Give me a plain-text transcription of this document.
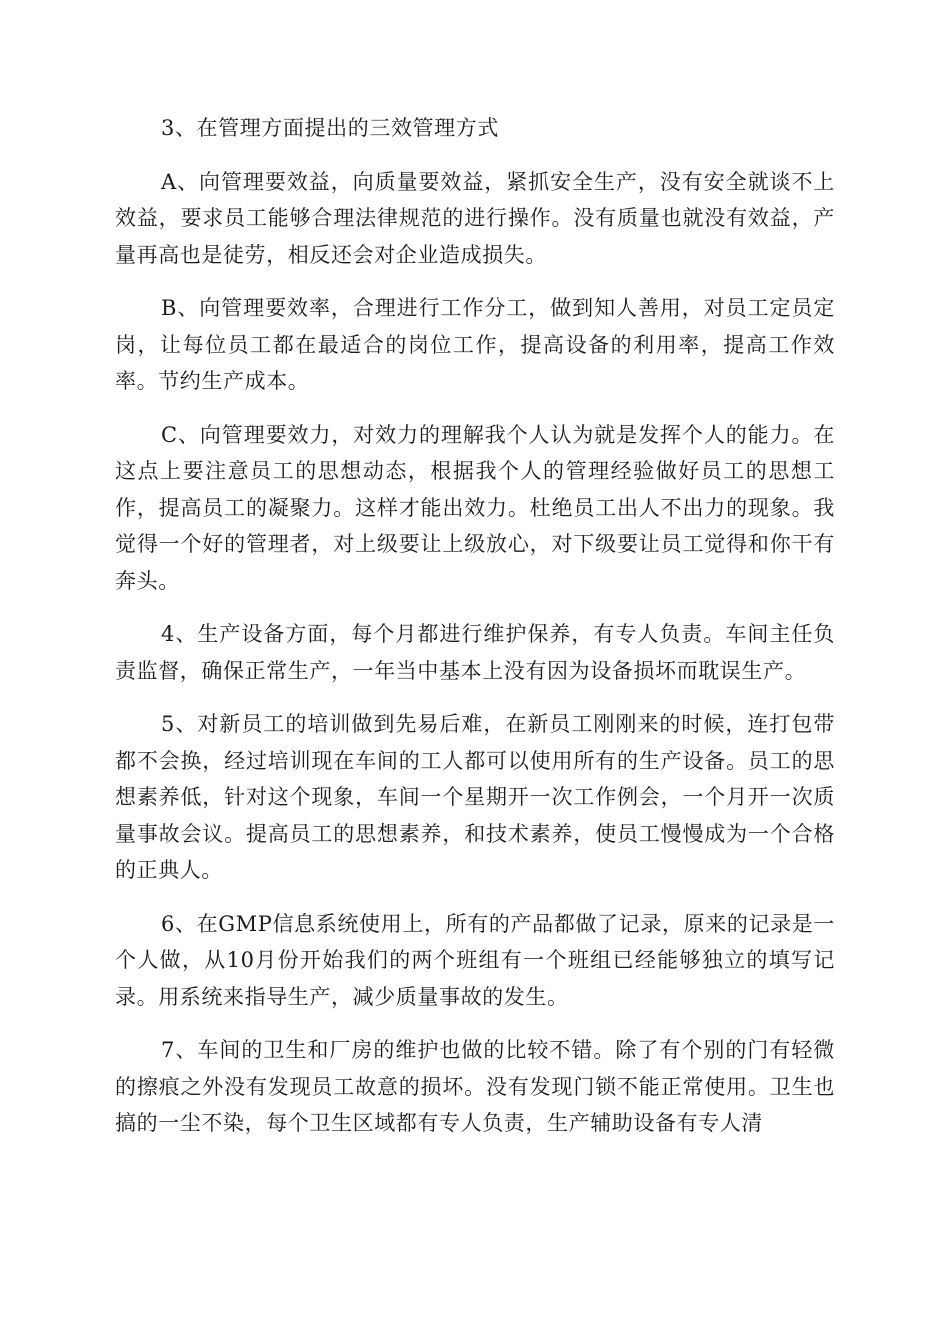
3、在管理方面提出的三效管理方式

A、向管理要效益，向质量要效益，紧抓安全生产，没有安全就谈不上效益，要求员工能够合理法律规范的进行操作。没有质量也就没有效益，产量再高也是徒劳，相反还会对企业造成损失。

B、向管理要效率，合理进行工作分工，做到知人善用，对员工定员定岗，让每位员工都在最适合的岗位工作，提高设备的利用率，提高工作效率。节约生产成本。

C、向管理要效力，对效力的理解我个人认为就是发挥个人的能力。在这点上要注意员工的思想动态，根据我个人的管理经验做好员工的思想工作，提高员工的凝聚力。这样才能出效力。杜绝员工出人不出力的现象。我觉得一个好的管理者，对上级要让上级放心，对下级要让员工觉得和你干有奔头。

4、生产设备方面，每个月都进行维护保养，有专人负责。车间主任负责监督，确保正常生产，一年当中基本上没有因为设备损坏而耽误生产。

5、对新员工的培训做到先易后难，在新员工刚刚来的时候，连打包带都不会换，经过培训现在车间的工人都可以使用所有的生产设备。员工的思想素养低，针对这个现象，车间一个星期开一次工作例会，一个月开一次质量事故会议。提高员工的思想素养，和技术素养，使员工慢慢成为一个合格的正典人。

6、在GMP信息系统使用上，所有的产品都做了记录，原来的记录是一个人做，从10月份开始我们的两个班组有一个班组已经能够独立的填写记录。用系统来指导生产，减少质量事故的发生。

7、车间的卫生和厂房的维护也做的比较不错。除了有个别的门有轻微的擦痕之外没有发现员工故意的损坏。没有发现门锁不能正常使用。卫生也搞的一尘不染，每个卫生区域都有专人负责，生产辅助设备有专人清
